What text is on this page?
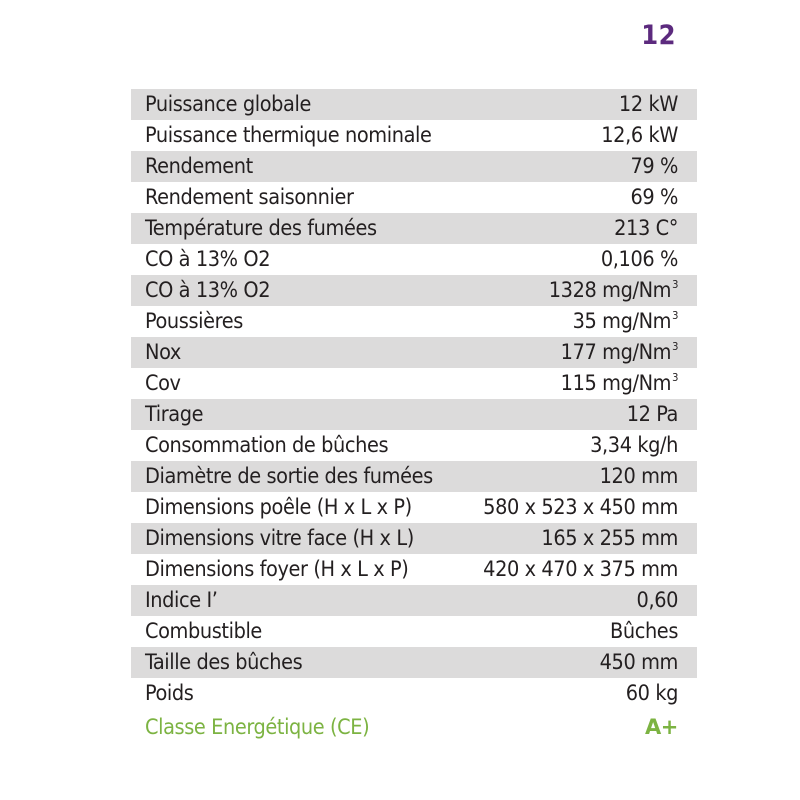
12
Puissance globale	12 kW
Puissance thermique nominale	12,6 kW
Rendement	79 %
Rendement saisonnier	69 %
Température des fumées	213 C°
CO à 13% O2	0,106 %
CO à 13% O2	1328 mg/Nm$^3$
Poussières	35 mg/Nm$^3$
Nox	177 mg/Nm$^3$
Cov	115 mg/Nm$^3$
Tirage	12 Pa
Consommation de bûches	3,34 kg/h
Diamètre de sortie des fumées	120 mm
Dimensions poêle (H x L x P)	580 x 523 x 450 mm
Dimensions vitre face (H x L)	165 x 255 mm
Dimensions foyer (H x L x P)	420 x 470 x 375 mm
Indice I’	0,60
Combustible	Bûches
Taille des bûches	450 mm
Poids	60 kg
Classe Energétique (CE)	A+
